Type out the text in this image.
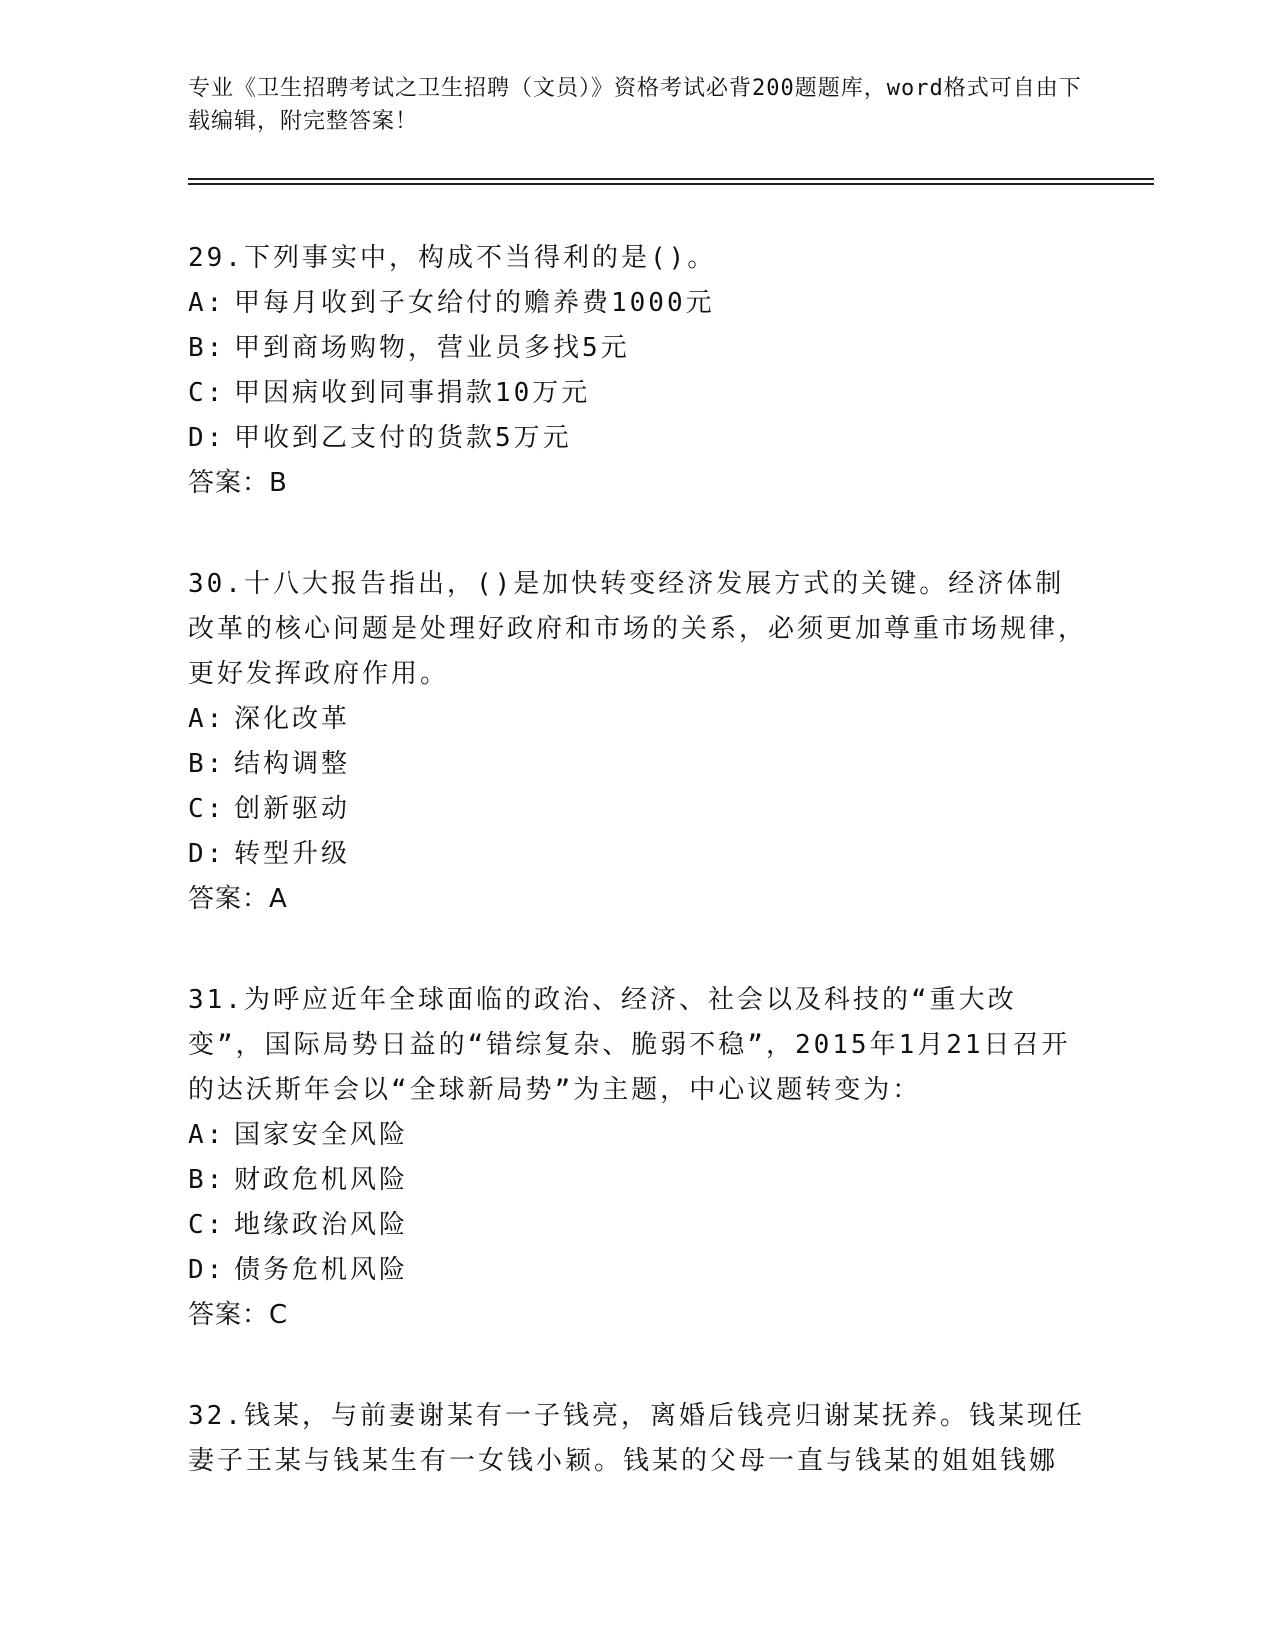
专业《卫生招聘考试之卫生招聘（文员）》资格考试必背200题题库，word格式可自由下载编辑，附完整答案！

29.下列事实中，构成不当得利的是()。

A: 甲每月收到子女给付的赡养费1000元
B: 甲到商场购物，营业员多找5元
C: 甲因病收到同事捐款10万元
D: 甲收到乙支付的货款5万元

答案：B

30.十八大报告指出，()是加快转变经济发展方式的关键。经济体制改革的核心问题是处理好政府和市场的关系，必须更加尊重市场规律，更好发挥政府作用。

A: 深化改革
B: 结构调整
C: 创新驱动
D: 转型升级

答案：A

31.为呼应近年全球面临的政治、经济、社会以及科技的“重大改变”，国际局势日益的“错综复杂、脆弱不稳”，2015年1月21日召开的达沃斯年会以“全球新局势”为主题，中心议题转变为：

A: 国家安全风险
B: 财政危机风险
C: 地缘政治风险
D: 债务危机风险

答案：C

32.钱某，与前妻谢某有一子钱亮，离婚后钱亮归谢某抚养。钱某现任妻子王某与钱某生有一女钱小颖。钱某的父母一直与钱某的姐姐钱娜
